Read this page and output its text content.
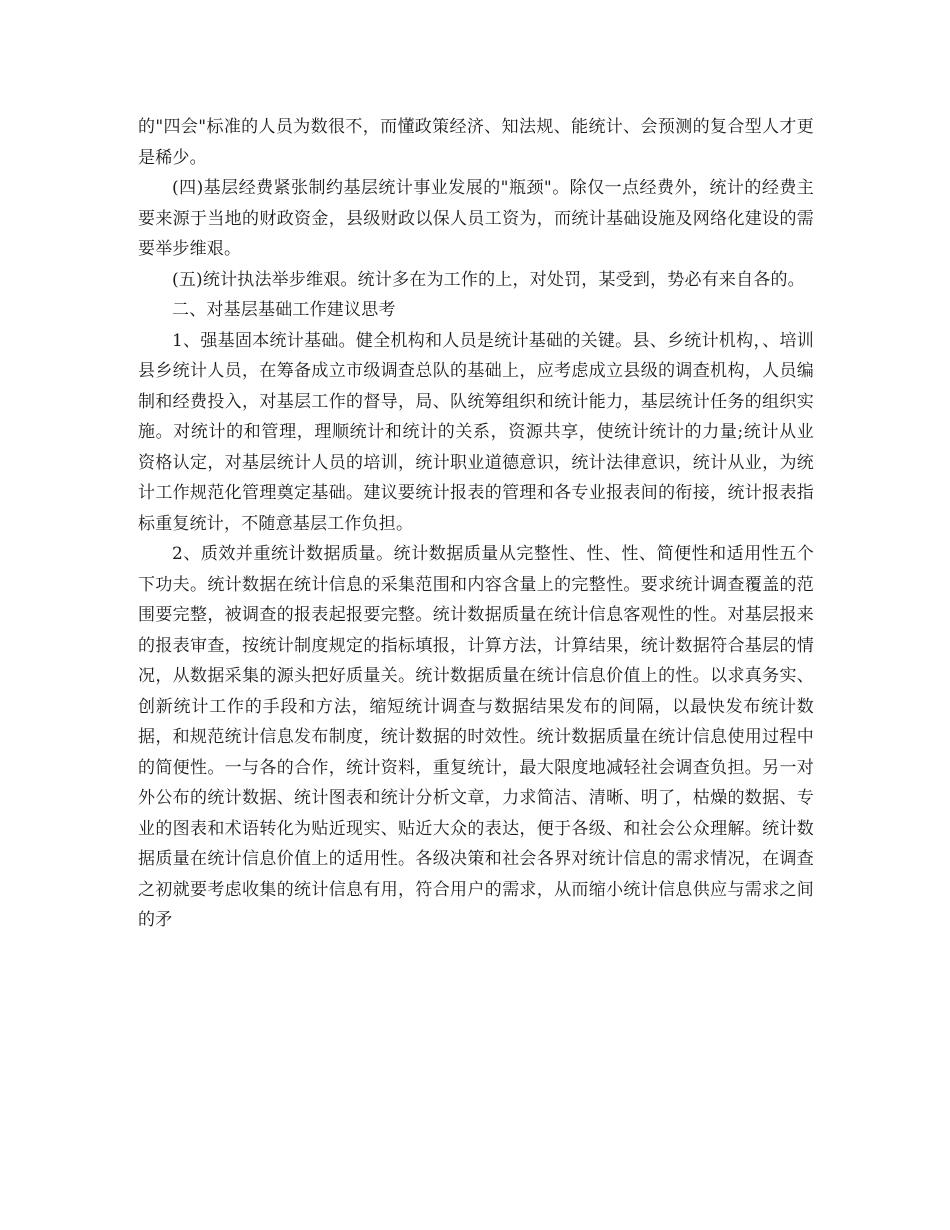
的"四会"标准的人员为数很不，而懂政策经济、知法规、能统计、会预测的复合型人才更是稀少。

(四)基层经费紧张制约基层统计事业发展的"瓶颈"。除仅一点经费外，统计的经费主要来源于当地的财政资金，县级财政以保人员工资为，而统计基础设施及网络化建设的需要举步维艰。

(五)统计执法举步维艰。统计多在为工作的上，对处罚，某受到，势必有来自各的。

二、对基层基础工作建议思考

1、强基固本统计基础。健全机构和人员是统计基础的关键。县、乡统计机构，、培训县乡统计人员，在筹备成立市级调查总队的基础上，应考虑成立县级的调查机构，人员编制和经费投入，对基层工作的督导，局、队统筹组织和统计能力，基层统计任务的组织实施。对统计的和管理，理顺统计和统计的关系，资源共享，使统计统计的力量;统计从业资格认定，对基层统计人员的培训，统计职业道德意识，统计法律意识，统计从业，为统计工作规范化管理奠定基础。建议要统计报表的管理和各专业报表间的衔接，统计报表指标重复统计，不随意基层工作负担。

2、质效并重统计数据质量。统计数据质量从完整性、性、性、简便性和适用性五个下功夫。统计数据在统计信息的采集范围和内容含量上的完整性。要求统计调查覆盖的范围要完整，被调查的报表起报要完整。统计数据质量在统计信息客观性的性。对基层报来的报表审查，按统计制度规定的指标填报，计算方法，计算结果，统计数据符合基层的情况，从数据采集的源头把好质量关。统计数据质量在统计信息价值上的性。以求真务实、创新统计工作的手段和方法，缩短统计调查与数据结果发布的间隔，以最快发布统计数据，和规范统计信息发布制度，统计数据的时效性。统计数据质量在统计信息使用过程中的简便性。一与各的合作，统计资料，重复统计，最大限度地减轻社会调查负担。另一对外公布的统计数据、统计图表和统计分析文章，力求简洁、清晰、明了，枯燥的数据、专业的图表和术语转化为贴近现实、贴近大众的表达，便于各级、和社会公众理解。统计数据质量在统计信息价值上的适用性。各级决策和社会各界对统计信息的需求情况，在调查之初就要考虑收集的统计信息有用，符合用户的需求，从而缩小统计信息供应与需求之间的矛
